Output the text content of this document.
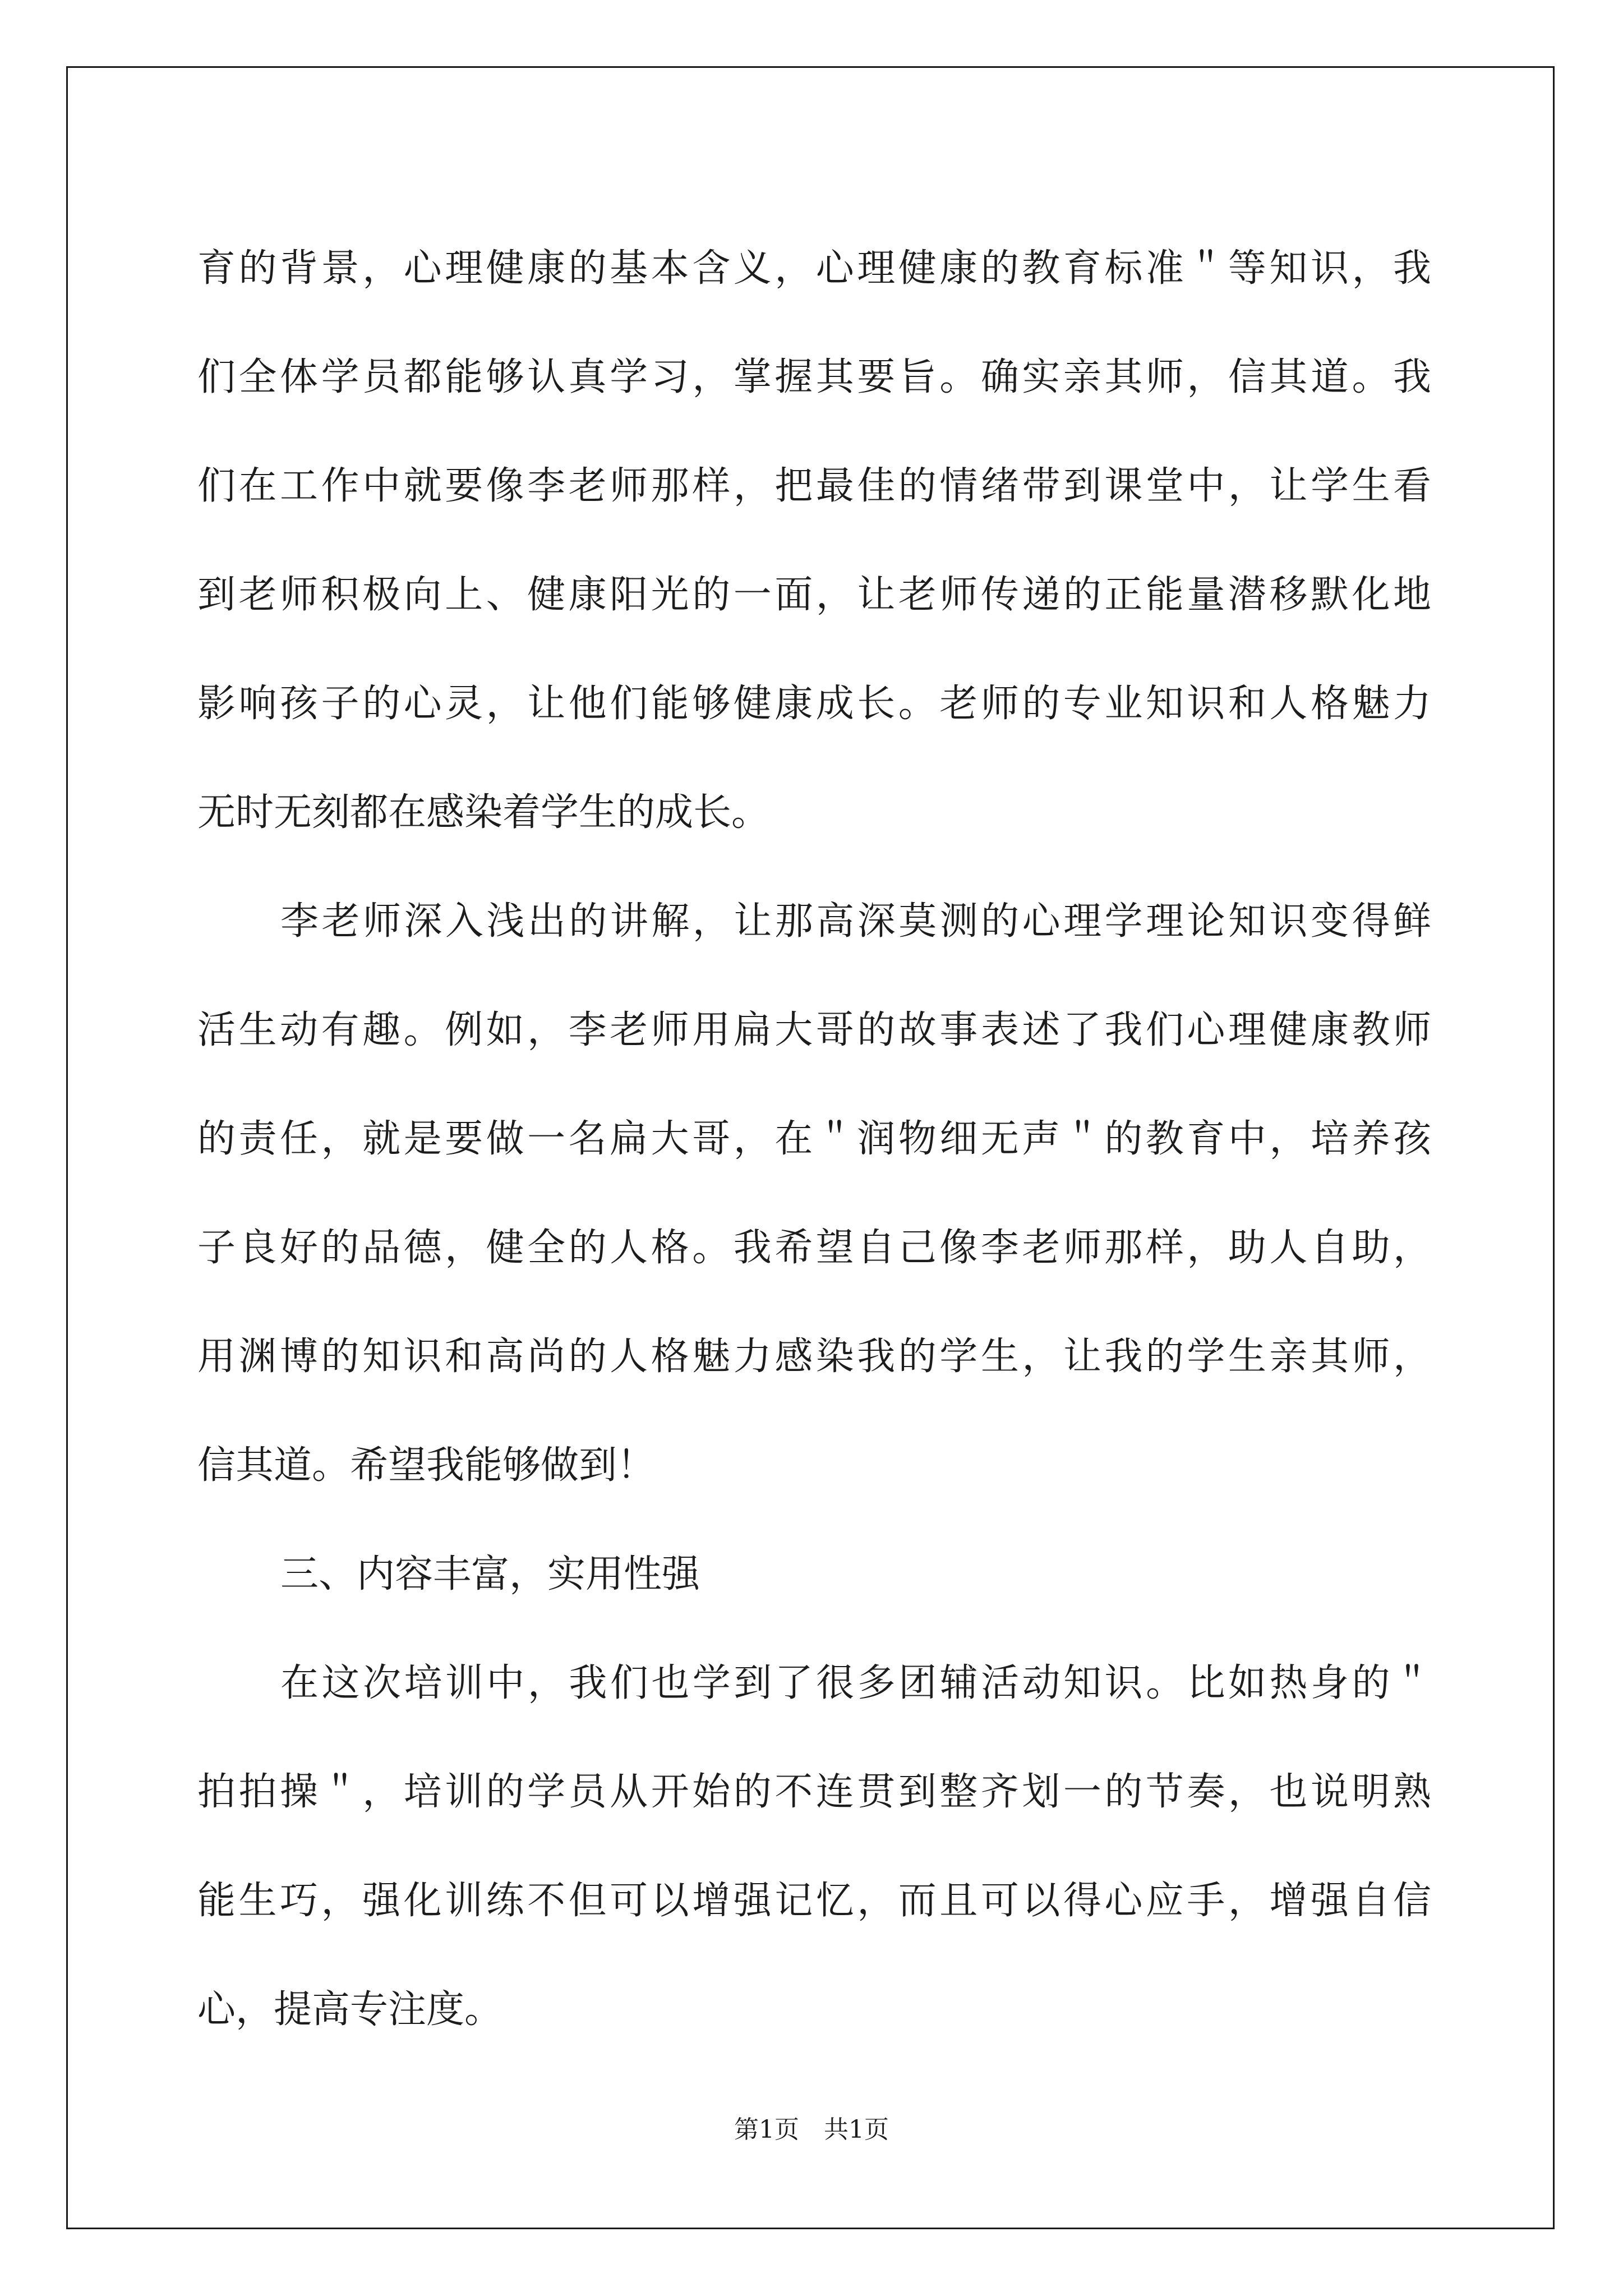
育的背景，心理健康的基本含义，心理健康的教育标准＂等知识，我
们全体学员都能够认真学习，掌握其要旨。确实亲其师，信其道。我
们在工作中就要像李老师那样，把最佳的情绪带到课堂中，让学生看
到老师积极向上、健康阳光的一面，让老师传递的正能量潜移默化地
影响孩子的心灵，让他们能够健康成长。老师的专业知识和人格魅力
无时无刻都在感染着学生的成长。
李老师深入浅出的讲解，让那高深莫测的心理学理论知识变得鲜
活生动有趣。例如，李老师用扁大哥的故事表述了我们心理健康教师
的责任，就是要做一名扁大哥，在＂润物细无声＂的教育中，培养孩
子良好的品德，健全的人格。我希望自己像李老师那样，助人自助，
用渊博的知识和高尚的人格魅力感染我的学生，让我的学生亲其师，
信其道。希望我能够做到！
三、内容丰富，实用性强
在这次培训中，我们也学到了很多团辅活动知识。比如热身的＂
拍拍操＂，培训的学员从开始的不连贯到整齐划一的节奏，也说明熟
能生巧，强化训练不但可以增强记忆，而且可以得心应手，增强自信
心，提高专注度。
第1页　共1页
